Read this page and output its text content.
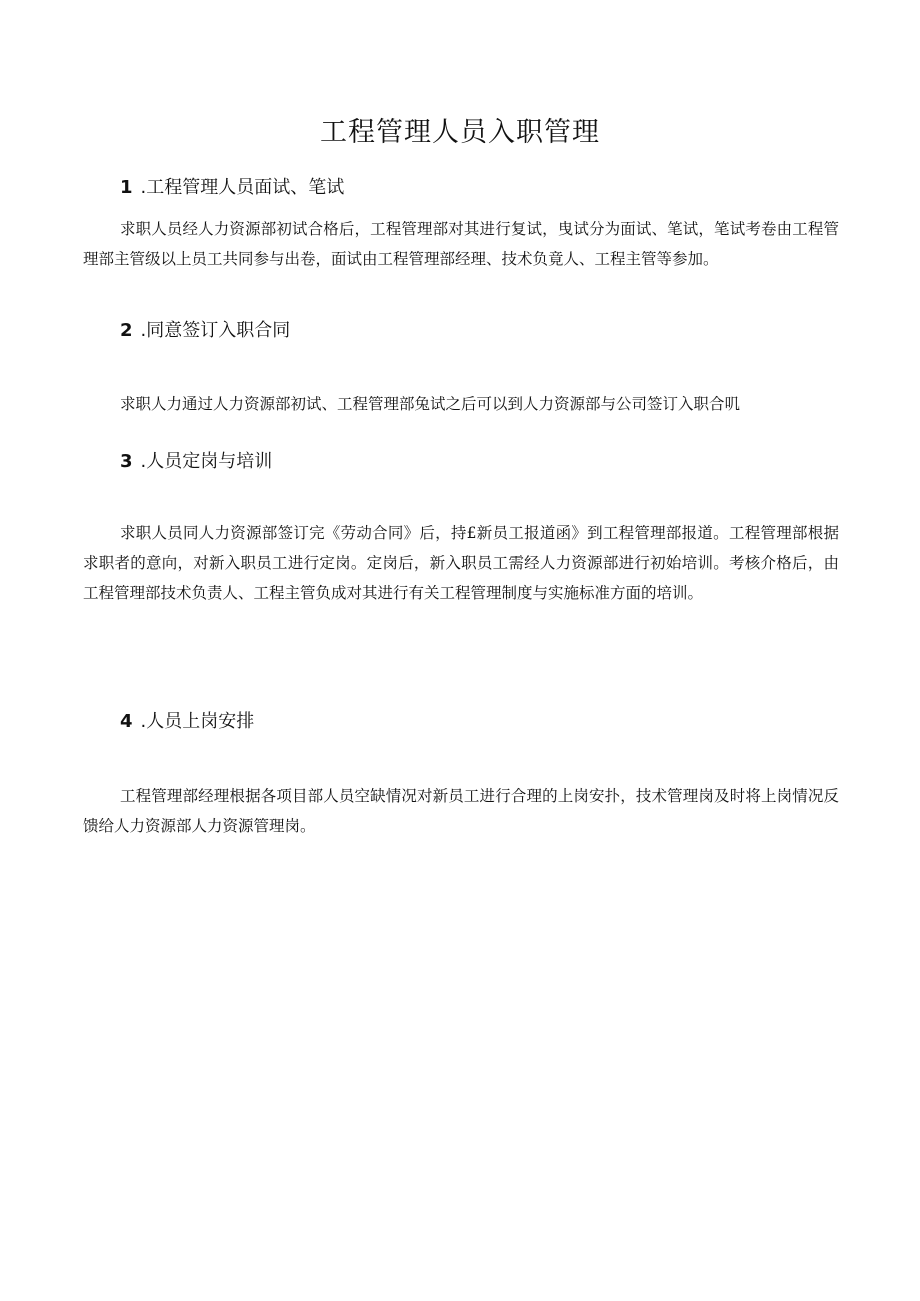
工程管理人员入职管理
1 .工程管理人员面试、笔试

求职人员经人力资源部初试合格后，工程管理部对其进行复试，曳试分为面试、笔试，笔试考卷由工程管理部主管级以上员工共同参与出卷，面试由工程管理部经理、技术负竟人、工程主管等参加。

2 .同意签订入职合同

求职人力通过人力资源部初试、工程管理部兔试之后可以到人力资源部与公司签订入职合叽

3 .人员定岗与培训

求职人员同人力资源部签订完《劳动合同》后，持£新员工报道函》到工程管理部报道。工程管理部根据求职者的意向，对新入职员工进行定岗。定岗后，新入职员工需经人力资源部进行初始培训。考核介格后，由工程管理部技术负责人、工程主管负成对其进行有关工程管理制度与实施标准方面的培训。

4 .人员上岗安排

工程管理部经理根据各项目部人员空缺情况对新员工进行合理的上岗安扑，技术管理岗及时将上岗情况反馈给人力资源部人力资源管理岗。
